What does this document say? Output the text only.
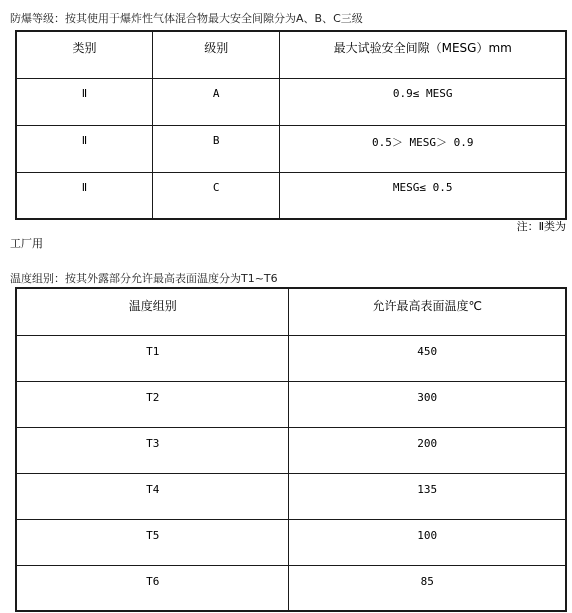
防爆等级：按其使用于爆炸性气体混合物最大安全间隙分为A、B、C三级
类别	级别	最大试验安全间隙（MESG）mm
Ⅱ	A	0.9≤ MESG
Ⅱ	B	0.5＞ MESG＞ 0.9
Ⅱ	C	MESG≤ 0.5
注：Ⅱ类为
工厂用
温度组别：按其外露部分允许最高表面温度分为T1~T6
温度组别	允许最高表面温度℃
T1	450
T2	300
T3	200
T4	135
T5	100
T6	85
